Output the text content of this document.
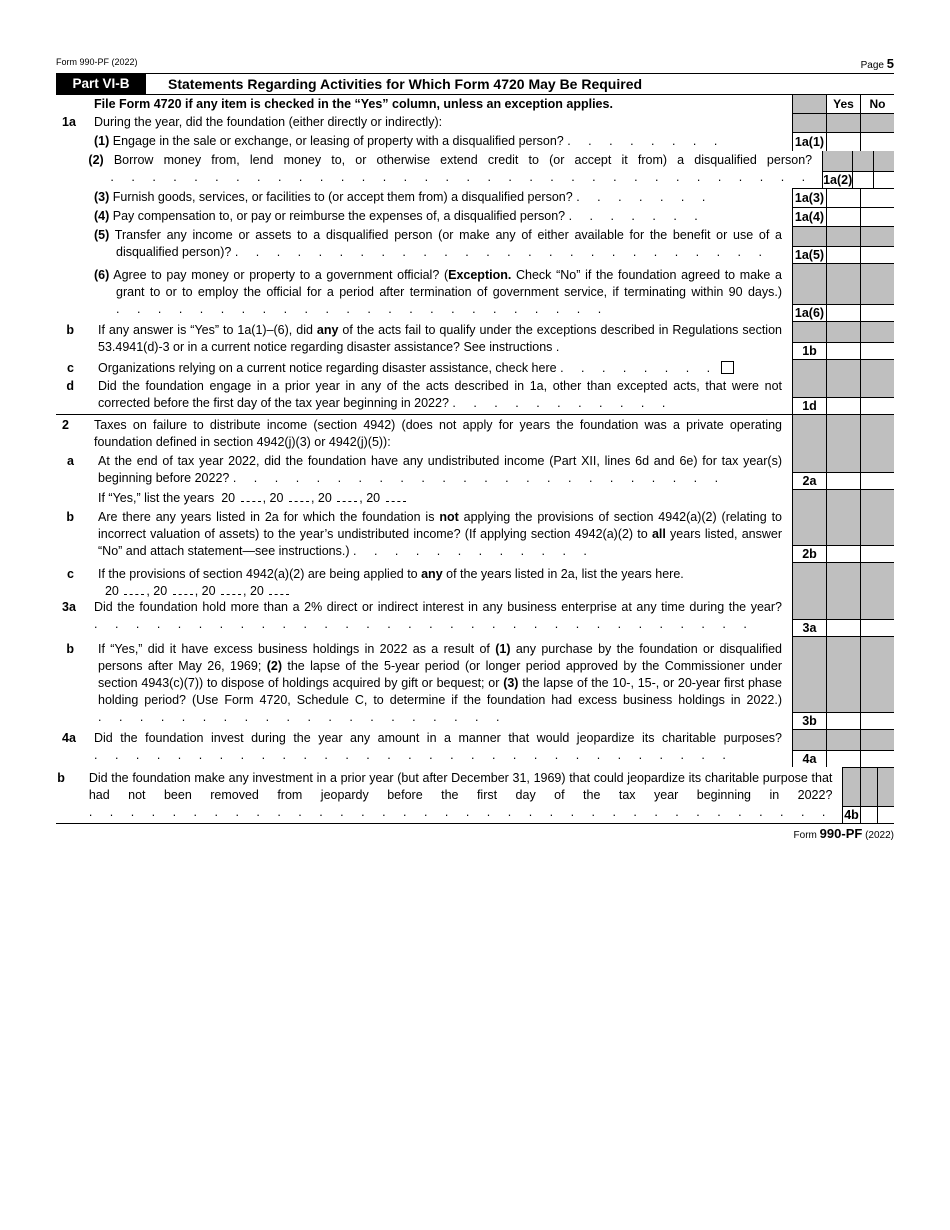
Form 990-PF (2022)	Page 5
Part VI-B	Statements Regarding Activities for Which Form 4720 May Be Required
File Form 4720 if any item is checked in the “Yes” column, unless an exception applies.	Yes	No
1a	During the year, did the foundation (either directly or indirectly):
(1) Engage in the sale or exchange, or leasing of property with a disqualified person? . . . . . . . .	1a(1)
(2) Borrow money from, lend money to, or otherwise extend credit to (or accept it from) a disqualified person? . . . . . . . . . . . . . . . . . . . . . . . . . . . . . . . . . . 1a(2)
(3) Furnish goods, services, or facilities to (or accept them from) a disqualified person? . . . . . . .	1a(3)
(4) Pay compensation to, or pay or reimburse the expenses of, a disqualified person? . . . . . . .	1a(4)
(5) Transfer any income or assets to a disqualified person (or make any of either available for the benefit or use of a disqualified person)? . . . . . . . . . . . . . . . . . . . . . . . . . .	1a(5)
(6) Agree to pay money or property to a government official? (Exception. Check “No” if the foundation agreed to make a grant to or to employ the official for a period after termination of government service, if terminating within 90 days.) . . . . . . . . . . . . . . . . . . . . . . . .	1a(6)
b	If any answer is “Yes” to 1a(1)–(6), did any of the acts fail to qualify under the exceptions described in Regulations section 53.4941(d)-3 or in a current notice regarding disaster assistance? See instructions .	1b
c	Organizations relying on a current notice regarding disaster assistance, check here . . . . . . . .
d	Did the foundation engage in a prior year in any of the acts described in 1a, other than excepted acts, that were not corrected before the first day of the tax year beginning in 2022? . . . . . . . . . . .	1d
2	Taxes on failure to distribute income (section 4942) (does not apply for years the foundation was a private operating foundation defined in section 4942(j)(3) or 4942(j)(5)):
a	At the end of tax year 2022, did the foundation have any undistributed income (Part XII, lines 6d and 6e) for tax year(s) beginning before 2022? . . . . . . . . . . . . . . . . . . . . . . . .	2a
If “Yes,” list the years 20 , 20 , 20 , 20
b	Are there any years listed in 2a for which the foundation is not applying the provisions of section 4942(a)(2) (relating to incorrect valuation of assets) to the year’s undistributed income? (If applying section 4942(a)(2) to all years listed, answer “No” and attach statement—see instructions.) . . . . . . . . . . . .	2b
c	If the provisions of section 4942(a)(2) are being applied to any of the years listed in 2a, list the years here.
20 , 20 , 20 , 20
3a	Did the foundation hold more than a 2% direct or indirect interest in any business enterprise at any time during the year? . . . . . . . . . . . . . . . . . . . . . . . . . . . . . . . .	3a
b	If “Yes,” did it have excess business holdings in 2022 as a result of (1) any purchase by the foundation or disqualified persons after May 26, 1969; (2) the lapse of the 5-year period (or longer period approved by the Commissioner under section 4943(c)(7)) to dispose of holdings acquired by gift or bequest; or (3) the lapse of the 10-, 15-, or 20-year first phase holding period? (Use Form 4720, Schedule C, to determine if the foundation had excess business holdings in 2022.) . . . . . . . . . . . . . . . . . . . .	3b
4a	Did the foundation invest during the year any amount in a manner that would jeopardize its charitable purposes? . . . . . . . . . . . . . . . . . . . . . . . . . . . . . . .	4a
b	Did the foundation make any investment in a prior year (but after December 31, 1969) that could jeopardize its charitable purpose that had not been removed from jeopardy before the first day of the tax year beginning in 2022? . . . . . . . . . . . . . . . . . . . . . . . . . . . . . . . . . . . . 4b
Form 990-PF (2022)
